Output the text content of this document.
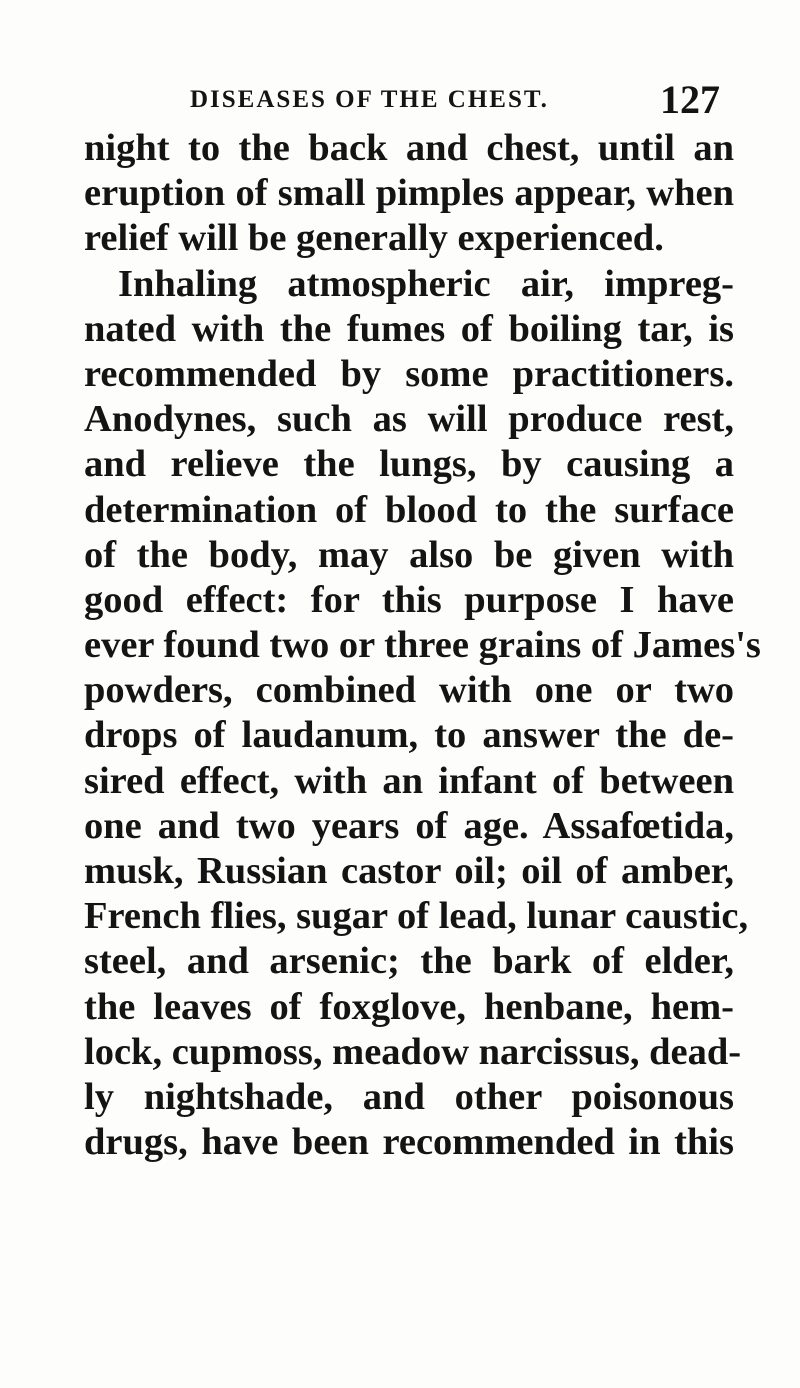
DISEASES OF THE CHEST.	127
night to the back and chest, until an
eruption of small pimples appear, when
relief will be generally experienced.
Inhaling atmospheric air, impreg-
nated with the fumes of boiling tar, is
recommended by some practitioners.
Anodynes, such as will produce rest,
and relieve the lungs, by causing a
determination of blood to the surface
of the body, may also be given with
good effect: for this purpose I have
ever found two or three grains of James's
powders, combined with one or two
drops of laudanum, to answer the de-
sired effect, with an infant of between
one and two years of age. Assafœtida,
musk, Russian castor oil; oil of amber,
French flies, sugar of lead, lunar caustic,
steel, and arsenic; the bark of elder,
the leaves of foxglove, henbane, hem-
lock, cupmoss, meadow narcissus, dead-
ly nightshade, and other poisonous
drugs, have been recommended in this
